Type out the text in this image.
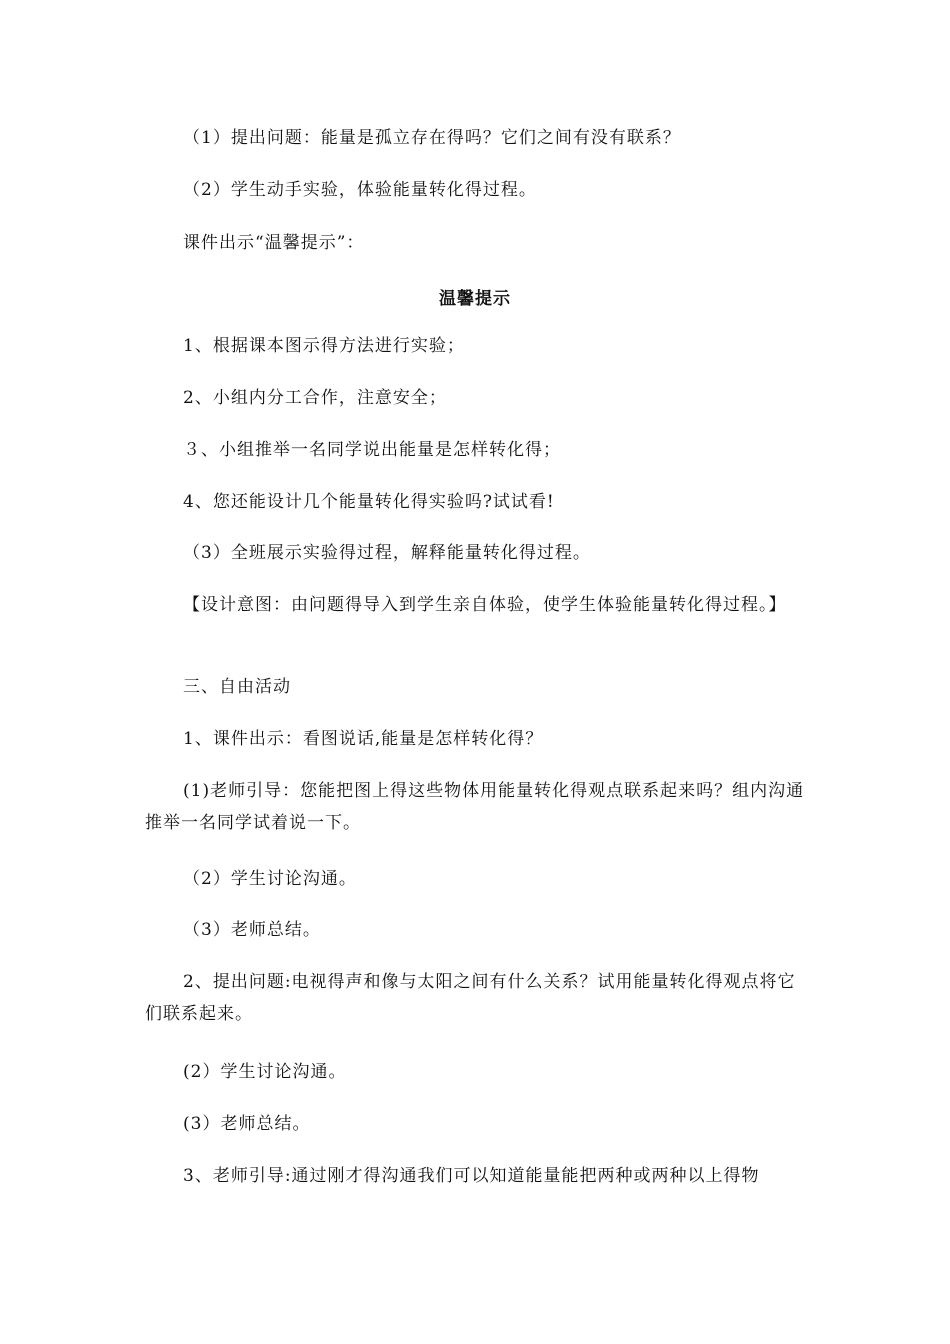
（1）提出问题：能量是孤立存在得吗？它们之间有没有联系？
（2）学生动手实验，体验能量转化得过程。
课件出示“温馨提示”：
温馨提示
1、根据课本图示得方法进行实验；
2、小组内分工合作，注意安全；
３、小组推举一名同学说出能量是怎样转化得；
4、您还能设计几个能量转化得实验吗?试试看!
（3）全班展示实验得过程，解释能量转化得过程。
【设计意图：由问题得导入到学生亲自体验，使学生体验能量转化得过程。】
三、自由活动
1、课件出示：看图说话,能量是怎样转化得？
(1)老师引导：您能把图上得这些物体用能量转化得观点联系起来吗？组内沟通推举一名同学试着说一下。
（2）学生讨论沟通。
（3）老师总结。
2、提出问题:电视得声和像与太阳之间有什么关系？试用能量转化得观点将它们联系起来。
(2）学生讨论沟通。
(3）老师总结。
3、老师引导:通过刚才得沟通我们可以知道能量能把两种或两种以上得物
